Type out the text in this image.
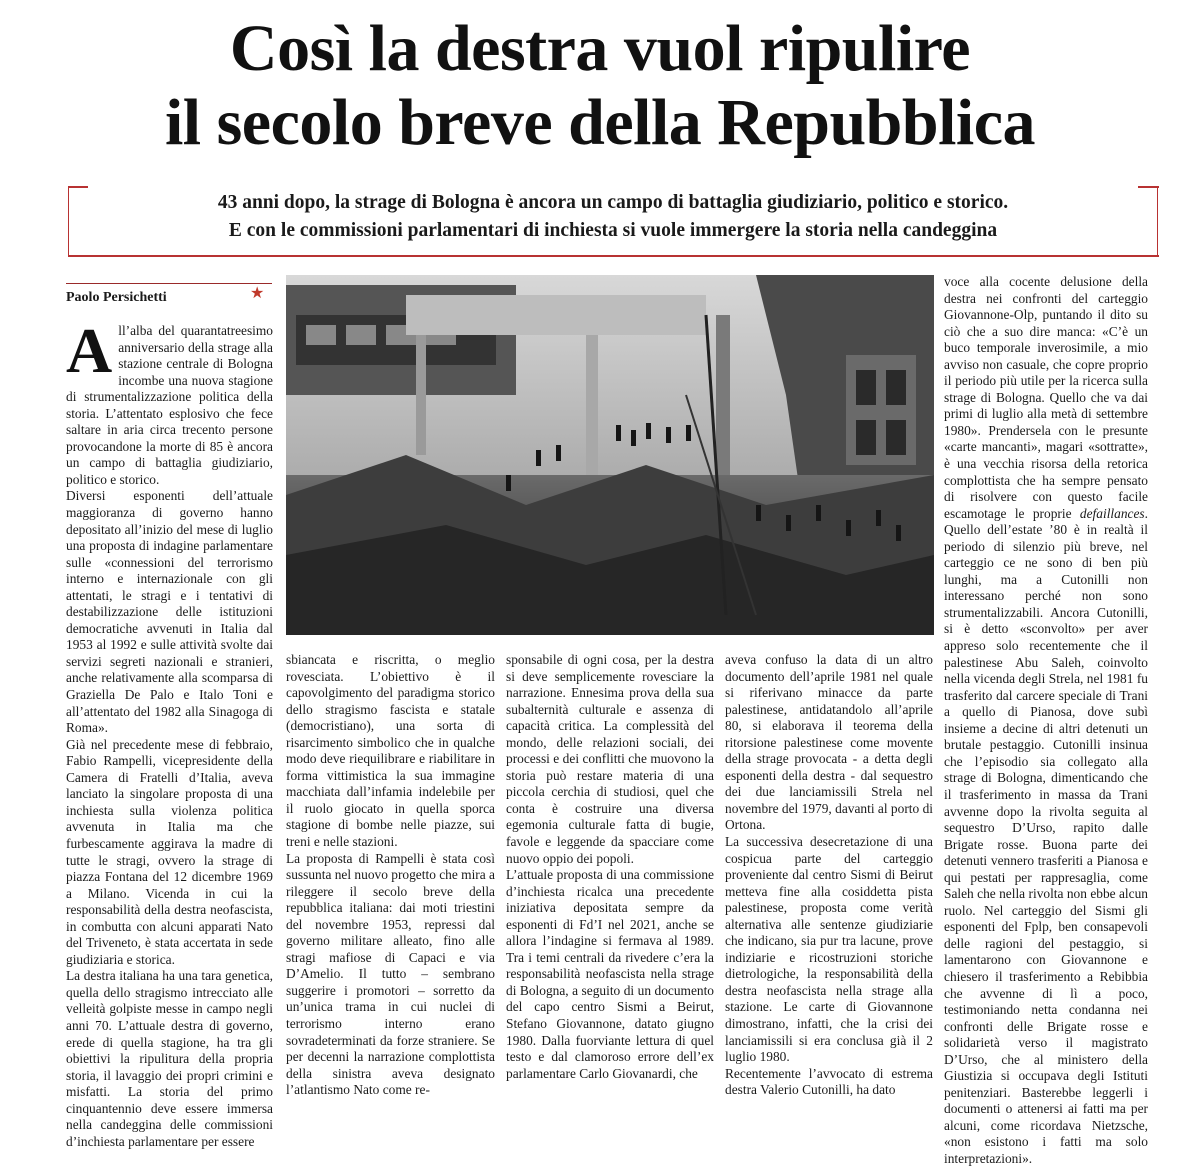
Così la destra vuol ripulire
il secolo breve della Repubblica
43 anni dopo, la strage di Bologna è ancora un campo di battaglia giudiziario, politico e storico.
E con le commissioni parlamentari di inchiesta si vuole immergere la storia nella candeggina
Paolo Persichetti	★

All’alba del quarantatreesimo anniversario della strage alla stazione centrale di Bologna incombe una nuova stagione di strumentalizzazione politica della storia. L’attentato esplosivo che fece saltare in aria circa trecento persone provocandone la morte di 85 è ancora un campo di battaglia giudiziario, politico e storico.

Diversi esponenti dell’attuale maggioranza di governo hanno depositato all’inizio del mese di luglio una proposta di indagine parlamentare sulle «connessioni del terrorismo interno e internazionale con gli attentati, le stragi e i tentativi di destabilizzazione delle istituzioni democratiche avvenuti in Italia dal 1953 al 1992 e sulle attività svolte dai servizi segreti nazionali e stranieri, anche relativamente alla scomparsa di Graziella De Palo e Italo Toni e all’attentato del 1982 alla Sinagoga di Roma».

Già nel precedente mese di febbraio, Fabio Rampelli, vicepresidente della Camera di Fratelli d’Italia, aveva lanciato la singolare proposta di una inchiesta sulla violenza politica avvenuta in Italia ma che furbescamente aggirava la madre di tutte le stragi, ovvero la strage di piazza Fontana del 12 dicembre 1969 a Milano. Vicenda in cui la responsabilità della destra neofascista, in combutta con alcuni apparati Nato del Triveneto, è stata accertata in sede giudiziaria e storica.

La destra italiana ha una tara genetica, quella dello stragismo intrecciato alle velleità golpiste messe in campo negli anni 70. L’attuale destra di governo, erede di quella stagione, ha tra gli obiettivi la ripulitura della propria storia, il lavaggio dei propri crimini e misfatti. La storia del primo cinquantennio deve essere immersa nella candeggina delle commissioni d’inchiesta parlamentare per essere

sbiancata e riscritta, o meglio rovesciata. L’obiettivo è il capovolgimento del paradigma storico dello stragismo fascista e statale (democristiano), una sorta di risarcimento simbolico che in qualche modo deve riequilibrare e riabilitare in forma vittimistica la sua immagine macchiata dall’infamia indelebile per il ruolo giocato in quella sporca stagione di bombe nelle piazze, sui treni e nelle stazioni.

La proposta di Rampelli è stata così sussunta nel nuovo progetto che mira a rileggere il secolo breve della repubblica italiana: dai moti triestini del novembre 1953, repressi dal governo militare alleato, fino alle stragi mafiose di Capaci e via D’Amelio. Il tutto – sembrano suggerire i promotori – sorretto da un’unica trama in cui nuclei di terrorismo interno erano sovradeterminati da forze straniere. Se per decenni la narrazione complottista della sinistra aveva designato l’atlantismo Nato come re-

sponsabile di ogni cosa, per la destra si deve semplicemente rovesciare la narrazione. Ennesima prova della sua subalternità culturale e assenza di capacità critica. La complessità del mondo, delle relazioni sociali, dei processi e dei conflitti che muovono la storia può restare materia di una piccola cerchia di studiosi, quel che conta è costruire una diversa egemonia culturale fatta di bugie, favole e leggende da spacciare come nuovo oppio dei popoli.

L’attuale proposta di una commissione d’inchiesta ricalca una precedente iniziativa depositata sempre da esponenti di Fd’I nel 2021, anche se allora l’indagine si fermava al 1989. Tra i temi centrali da rivedere c’era la responsabilità neofascista nella strage di Bologna, a seguito di un documento del capo centro Sismi a Beirut, Stefano Giovannone, datato giugno 1980. Dalla fuorviante lettura di quel testo e dal clamoroso errore dell’ex parlamentare Carlo Giovanardi, che

aveva confuso la data di un altro documento dell’aprile 1981 nel quale si riferivano minacce da parte palestinese, antidatandolo all’aprile 80, si elaborava il teorema della ritorsione palestinese come movente della strage provocata - a detta degli esponenti della destra - dal sequestro dei due lanciamissili Strela nel novembre del 1979, davanti al porto di Ortona.

La successiva desecretazione di una cospicua parte del carteggio proveniente dal centro Sismi di Beirut metteva fine alla cosiddetta pista palestinese, proposta come verità alternativa alle sentenze giudiziarie che indicano, sia pur tra lacune, prove indiziarie e ricostruzioni storiche dietrologiche, la responsabilità della destra neofascista nella strage alla stazione. Le carte di Giovannone dimostrano, infatti, che la crisi dei lanciamissili si era conclusa già il 2 luglio 1980.

Recentemente l’avvocato di estrema destra Valerio Cutonilli, ha dato

voce alla cocente delusione della destra nei confronti del carteggio Giovannone-Olp, puntando il dito su ciò che a suo dire manca: «C’è un buco temporale inverosimile, a mio avviso non casuale, che copre proprio il periodo più utile per la ricerca sulla strage di Bologna. Quello che va dai primi di luglio alla metà di settembre 1980». Prendersela con le presunte «carte mancanti», magari «sottratte», è una vecchia risorsa della retorica complottista che ha sempre pensato di risolvere con questo facile escamotage le proprie defaillances. Quello dell’estate ’80 è in realtà il periodo di silenzio più breve, nel carteggio ce ne sono di ben più lunghi, ma a Cutonilli non interessano perché non sono strumentalizzabili. Ancora Cutonilli, si è detto «sconvolto» per aver appreso solo recentemente che il palestinese Abu Saleh, coinvolto nella vicenda degli Strela, nel 1981 fu trasferito dal carcere speciale di Trani a quello di Pianosa, dove subì insieme a decine di altri detenuti un brutale pestaggio. Cutonilli insinua che l’episodio sia collegato alla strage di Bologna, dimenticando che il trasferimento in massa da Trani avvenne dopo la rivolta seguita al sequestro D’Urso, rapito dalle Brigate rosse. Buona parte dei detenuti vennero trasferiti a Pianosa e qui pestati per rappresaglia, come Saleh che nella rivolta non ebbe alcun ruolo. Nel carteggio del Sismi gli esponenti del Fplp, ben consapevoli delle ragioni del pestaggio, si lamentarono con Giovannone e chiesero il trasferimento a Rebibbia che avvenne di lì a poco, testimoniando netta condanna nei confronti delle Brigate rosse e solidarietà verso il magistrato D’Urso, che al ministero della Giustizia si occupava degli Istituti penitenziari. Basterebbe leggerli i documenti o attenersi ai fatti ma per alcuni, come ricordava Nietzsche, «non esistono i fatti ma solo interpretazioni».
